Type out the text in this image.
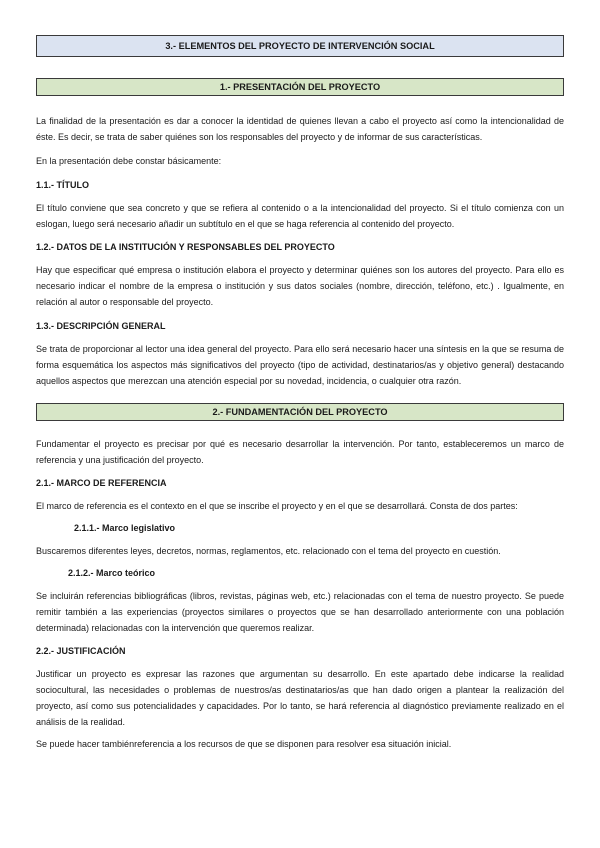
3.- ELEMENTOS DEL PROYECTO DE INTERVENCIÓN SOCIAL
1.- PRESENTACIÓN DEL PROYECTO

La finalidad de la presentación es dar a conocer la identidad de quienes llevan a cabo el proyecto así como la intencionalidad de éste. Es decir, se trata de saber quiénes son los responsables del proyecto y de informar de sus características.

En la presentación debe constar básicamente:

1.1.- TÍTULO

El título conviene que sea concreto y que se refiera al contenido o a la intencionalidad del proyecto. Si el título comienza con un eslogan, luego será necesario añadir un subtítulo en el que se haga referencia al contenido del proyecto.

1.2.- DATOS DE LA INSTITUCIÓN Y RESPONSABLES DEL PROYECTO

Hay que especificar qué empresa o institución elabora el proyecto y determinar quiénes son los autores del proyecto. Para ello es necesario indicar el nombre de la empresa o institución y sus datos sociales (nombre, dirección, teléfono, etc.) . Igualmente, en relación al autor o responsable del proyecto.

1.3.- DESCRIPCIÓN GENERAL

Se trata de proporcionar al lector una idea general del proyecto. Para ello será necesario hacer una síntesis en la que se resuma de forma esquemática los aspectos más significativos del proyecto (tipo de actividad, destinatarios/as y objetivo general) destacando aquellos aspectos que merezcan una atención especial por su novedad, incidencia, o cualquier otra razón.

2.- FUNDAMENTACIÓN DEL PROYECTO

Fundamentar el proyecto es precisar por qué es necesario desarrollar la intervención. Por tanto, estableceremos un marco de referencia y una justificación del proyecto.

2.1.- MARCO DE REFERENCIA

El marco de referencia es el contexto en el que se inscribe el proyecto y en el que se desarrollará. Consta de dos partes:

2.1.1.- Marco legislativo

Buscaremos diferentes leyes, decretos, normas, reglamentos, etc. relacionado con el tema del proyecto en cuestión.

2.1.2.- Marco teórico

Se incluirán referencias bibliográficas (libros, revistas, páginas web, etc.) relacionadas con el tema de nuestro proyecto. Se puede remitir también a las experiencias (proyectos similares o proyectos que se han desarrollado anteriormente con una población determinada) relacionadas con la intervención que queremos realizar.

2.2.- JUSTIFICACIÓN

Justificar un proyecto es expresar las razones que argumentan su desarrollo. En este apartado debe indicarse la realidad sociocultural, las necesidades o problemas de nuestros/as destinatarios/as que han dado origen a plantear la realización del proyecto, así como sus potencialidades y capacidades. Por lo tanto, se hará referencia al diagnóstico previamente realizado en el análisis de la realidad.

Se puede hacer tambiénreferencia a los recursos de que se disponen para resolver esa situación inicial.
